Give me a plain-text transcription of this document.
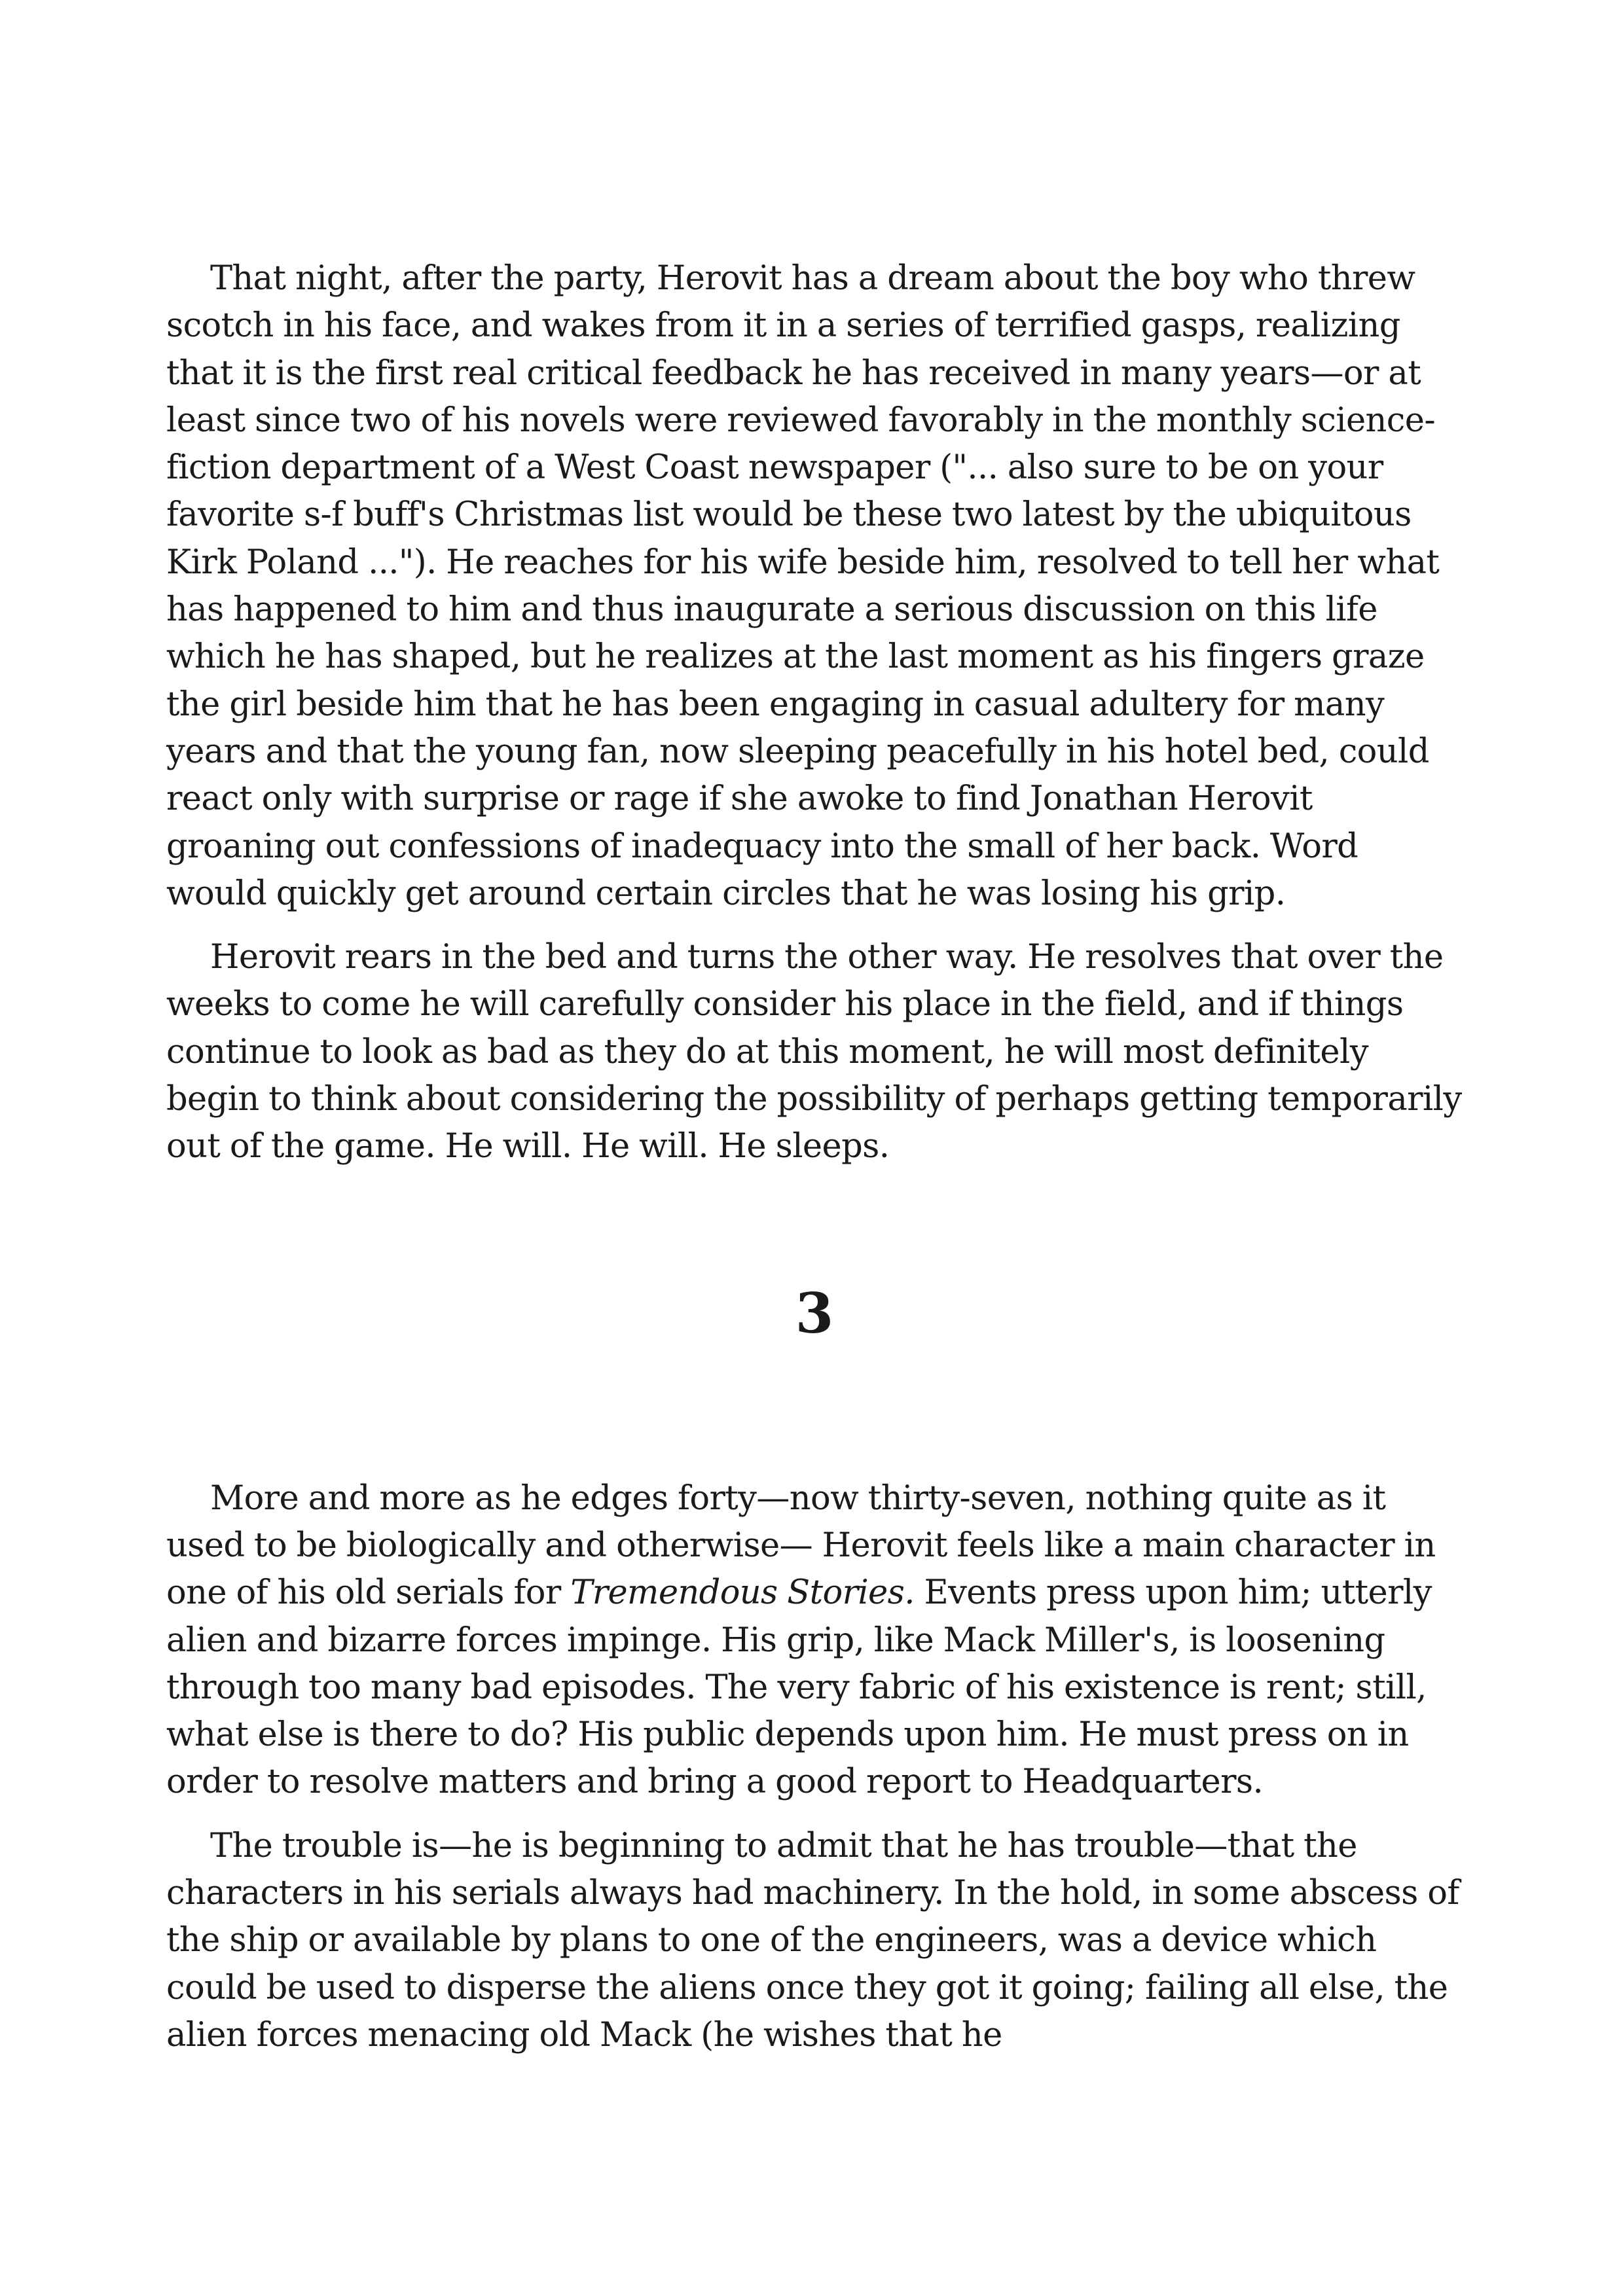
That night, after the party, Herovit has a dream about the boy who threw scotch in his face, and wakes from it in a series of terrified gasps, realizing that it is the first real critical feedback he has received in many years—or at least since two of his novels were reviewed favorably in the monthly science-fiction department of a West Coast newspaper ("... also sure to be on your favorite s-f buff's Christmas list would be these two latest by the ubiquitous Kirk Poland ..."). He reaches for his wife beside him, resolved to tell her what has happened to him and thus inaugurate a serious discussion on this life which he has shaped, but he realizes at the last moment as his fingers graze the girl beside him that he has been engaging in casual adultery for many years and that the young fan, now sleeping peacefully in his hotel bed, could react only with surprise or rage if she awoke to find Jonathan Herovit groaning out confessions of inadequacy into the small of her back. Word would quickly get around certain circles that he was losing his grip.

Herovit rears in the bed and turns the other way. He resolves that over the weeks to come he will carefully consider his place in the field, and if things continue to look as bad as they do at this moment, he will most definitely begin to think about considering the possibility of perhaps getting temporarily out of the game. He will. He will. He sleeps.

3

More and more as he edges forty—now thirty-seven, nothing quite as it used to be biologically and otherwise— Herovit feels like a main character in one of his old serials for Tremendous Stories. Events press upon him; utterly alien and bizarre forces impinge. His grip, like Mack Miller's, is loosening through too many bad episodes. The very fabric of his existence is rent; still, what else is there to do? His public depends upon him. He must press on in order to resolve matters and bring a good report to Headquarters.

The trouble is—he is beginning to admit that he has trouble—that the characters in his serials always had machinery. In the hold, in some abscess of the ship or available by plans to one of the engineers, was a device which could be used to disperse the aliens once they got it going; failing all else, the alien forces menacing old Mack (he wishes that he
